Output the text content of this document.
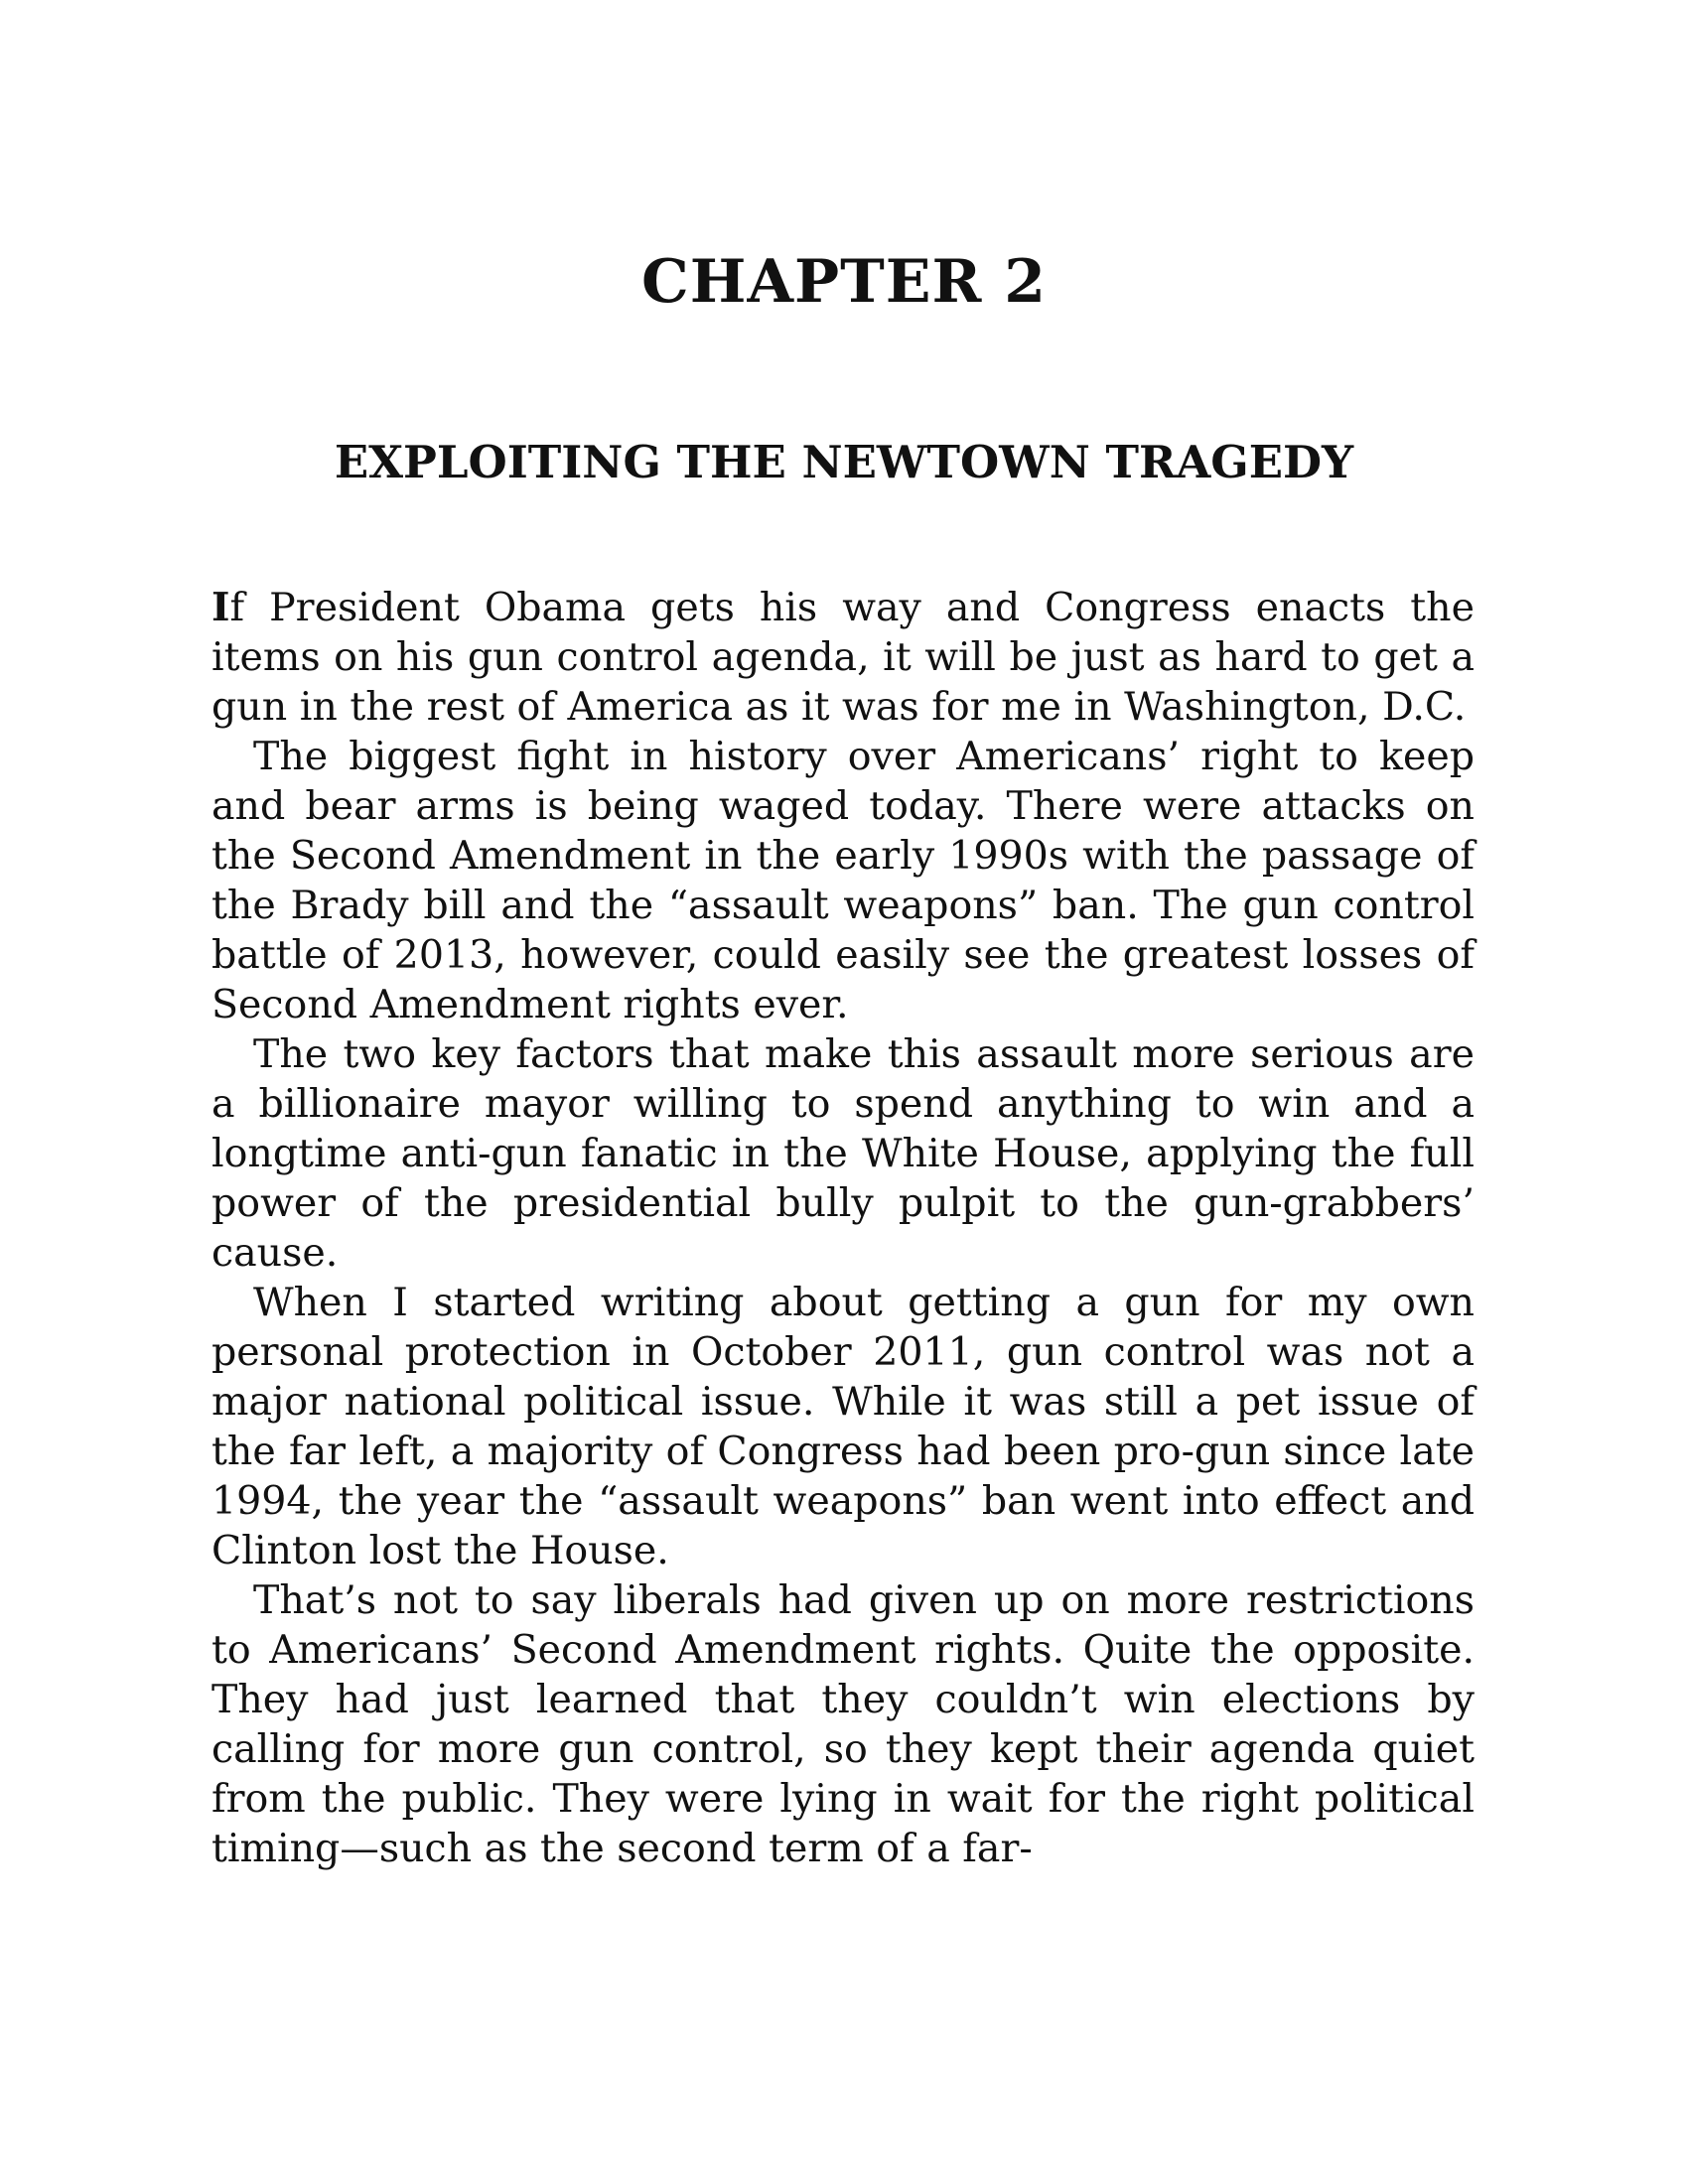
CHAPTER 2
EXPLOITING THE NEWTOWN TRAGEDY

If President Obama gets his way and Congress enacts the items on his gun control agenda, it will be just as hard to get a gun in the rest of America as it was for me in Washington, D.C.

The biggest fight in history over Americans’ right to keep and bear arms is being waged today. There were attacks on the Second Amendment in the early 1990s with the passage of the Brady bill and the “assault weapons” ban. The gun control battle of 2013, however, could easily see the greatest losses of Second Amendment rights ever.

The two key factors that make this assault more serious are a billionaire mayor willing to spend anything to win and a longtime anti-gun fanatic in the White House, applying the full power of the presidential bully pulpit to the gun-grabbers’ cause.

When I started writing about getting a gun for my own personal protection in October 2011, gun control was not a major national political issue. While it was still a pet issue of the far left, a majority of Congress had been pro-gun since late 1994, the year the “assault weapons” ban went into effect and Clinton lost the House.

That’s not to say liberals had given up on more restrictions to Americans’ Second Amendment rights. Quite the opposite. They had just learned that they couldn’t win elections by calling for more gun control, so they kept their agenda quiet from the public. They were lying in wait for the right political timing—such as the second term of a far-
